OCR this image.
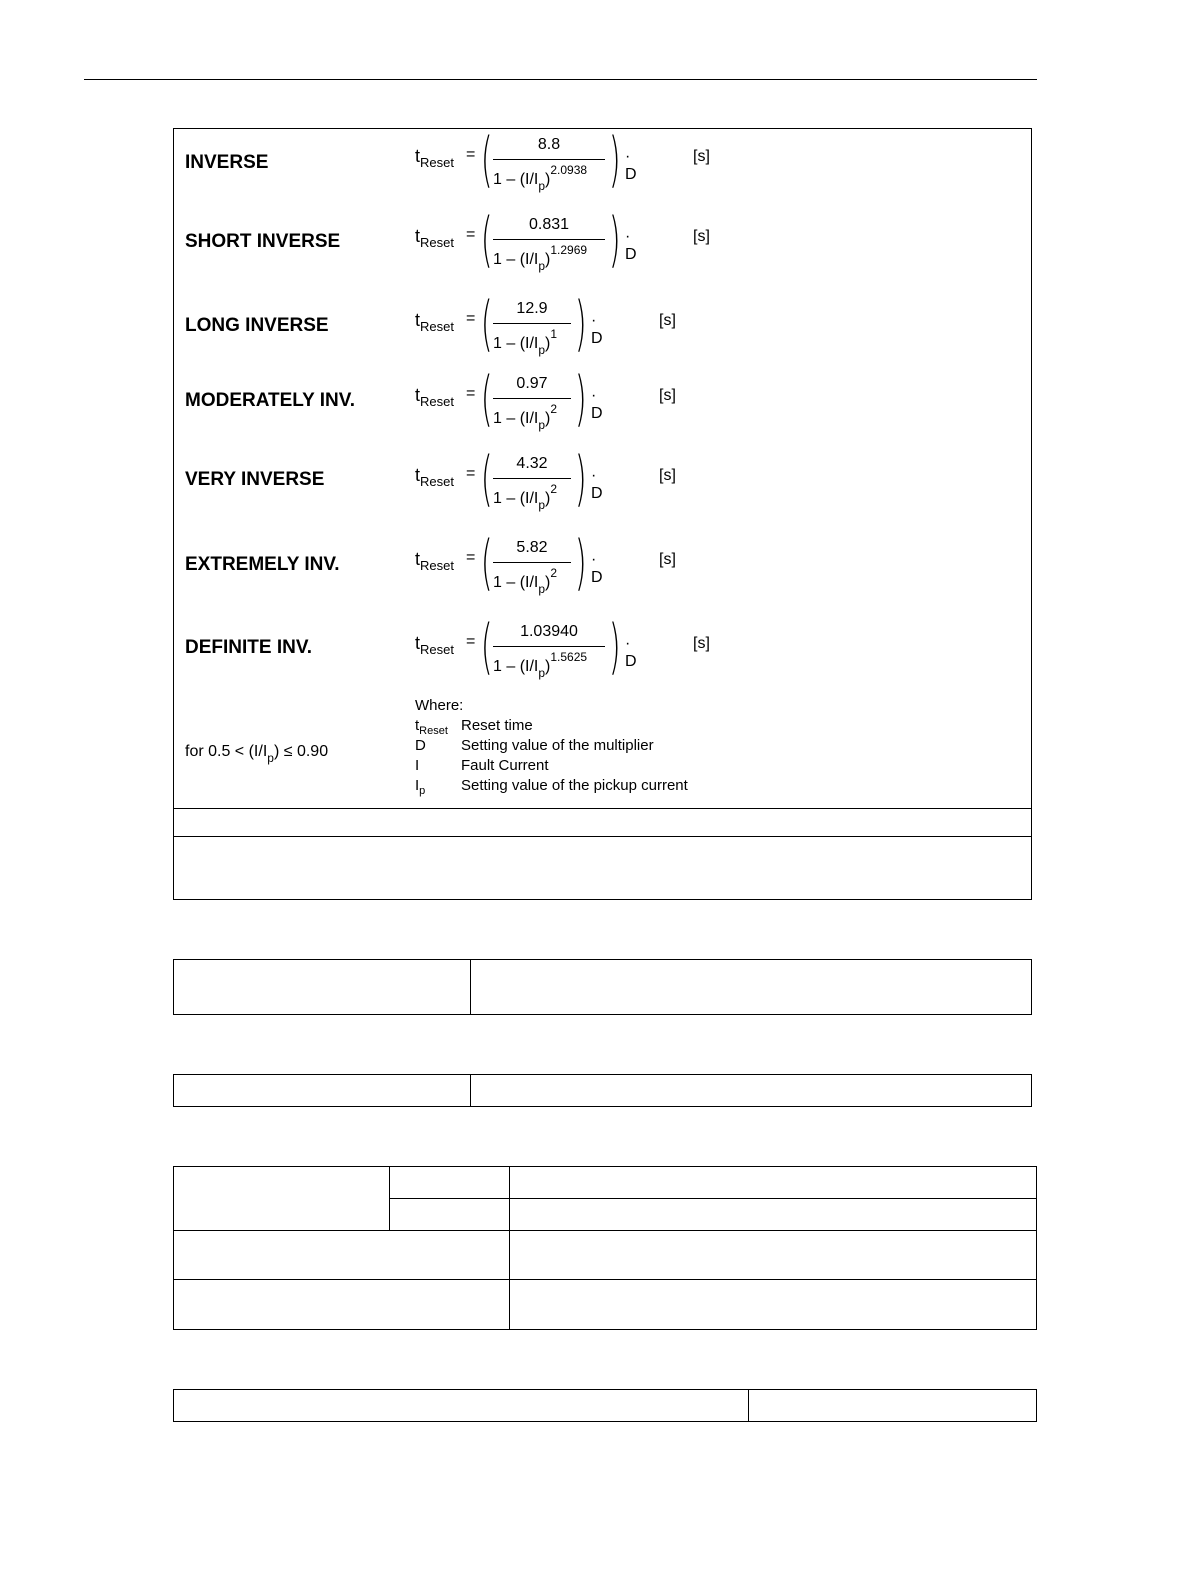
INVERSE	$t_{Reset}$ = (	8.8
$1 - (I/I_p)^{2.0938}$ ) · D
[s]
SHORT INVERSE	$t_{Reset}$ = (	0.831
$1 - (I/I_p)^{1.2969}$ ) · D
[s]
LONG INVERSE	$t_{Reset}$ = (	12.9
$1 - (I/I_p)^1$ ) · D
[s]
MODERATELY INV.	$t_{Reset}$ = (	0.97
$1 - (I/I_p)^2$ ) · D
[s]
VERY INVERSE	$t_{Reset}$ = (	4.32
$1 - (I/I_p)^2$ ) · D
[s]
EXTREMELY INV.	$t_{Reset}$ = (	5.82
$1 - (I/I_p)^2$ ) · D
[s]
DEFINITE INV.	$t_{Reset}$ = (	1.03940
$1 - (I/I_p)^{1.5625}$ ) · D
[s]
Where:
$t_{Reset}$ Reset time
D Setting value of the multiplier
I	Fault Current
$I_p$ Setting value of the pickup current
for $0.5 < (I/I_p) \le 0.90$
